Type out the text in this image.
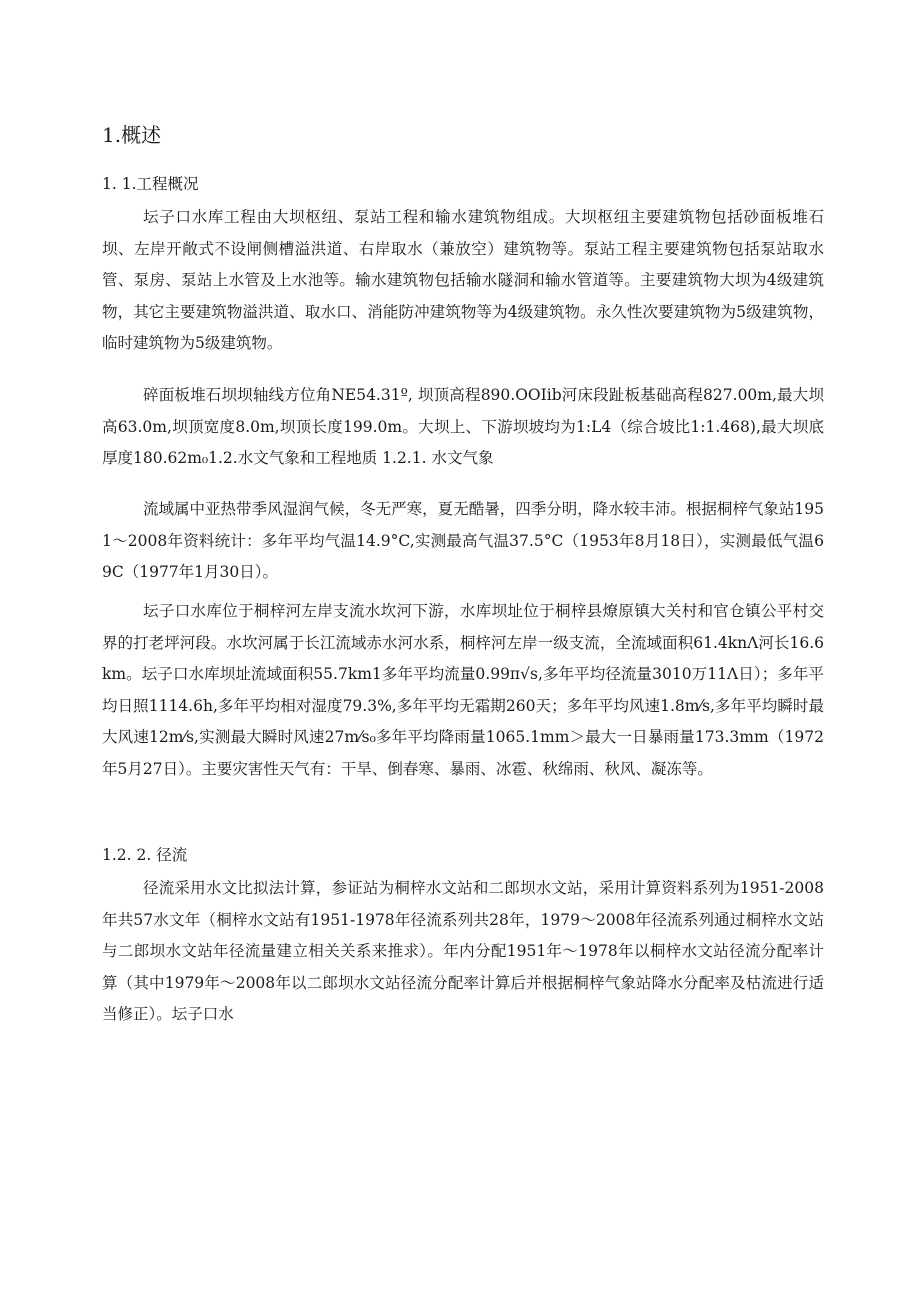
1.概述
1. 1.工程概况

坛子口水库工程由大坝枢纽、泵站工程和输水建筑物组成。大坝枢纽主要建筑物包括砂面板堆石坝、左岸开敞式不设闸侧槽溢洪道、右岸取水（兼放空）建筑物等。泵站工程主要建筑物包括泵站取水管、泵房、泵站上水管及上水池等。输水建筑物包括输水隧洞和输水管道等。主要建筑物大坝为4级建筑物，其它主要建筑物溢洪道、取水口、消能防冲建筑物等为4级建筑物。永久性次要建筑物为5级建筑物，临时建筑物为5级建筑物。

碎面板堆石坝坝轴线方位角NE54.31º, 坝顶高程890.OOIib河床段趾板基础高程827.00m,最大坝高63.0m,坝顶宽度8.0m,坝顶长度199.0m。大坝上、下游坝坡均为1:L4（综合坡比1:1.468),最大坝底厚度180.62m₀1.2.水文气象和工程地质 1.2.1. 水文气象

流域属中亚热带季风湿润气候，冬无严寒，夏无酷暑，四季分明，降水较丰沛。根据桐梓气象站1951～2008年资料统计：多年平均气温14.9°C,实测最高气温37.5°C（1953年8月18日），实测最低气温69C（1977年1月30日）。

坛子口水库位于桐梓河左岸支流水坎河下游，水库坝址位于桐梓县燎原镇大关村和官仓镇公平村交界的打老坪河段。水坎河属于长江流域赤水河水系，桐梓河左岸一级支流，全流域面积61.4knΛ河长16.6km。坛子口水库坝址流域面积55.7km1多年平均流量0.99π√s,多年平均径流量3010万11Λ日）；多年平均日照1114.6h,多年平均相对湿度79.3%,多年平均无霜期260天；多年平均风速1.8m⁄s,多年平均瞬时最大风速12m⁄s,实测最大瞬时风速27m⁄s₀多年平均降雨量1065.1mm＞最大一日暴雨量173.3mm（1972年5月27日）。主要灾害性天气有：干旱、倒春寒、暴雨、冰雹、秋绵雨、秋风、凝冻等。

1.2. 2. 径流

径流采用水文比拟法计算，参证站为桐梓水文站和二郎坝水文站，采用计算资料系列为1951-2008年共57水文年（桐梓水文站有1951-1978年径流系列共28年，1979～2008年径流系列通过桐梓水文站与二郎坝水文站年径流量建立相关关系来推求）。年内分配1951年～1978年以桐梓水文站径流分配率计算（其中1979年～2008年以二郎坝水文站径流分配率计算后并根据桐梓气象站降水分配率及枯流进行适当修正）。坛子口水
